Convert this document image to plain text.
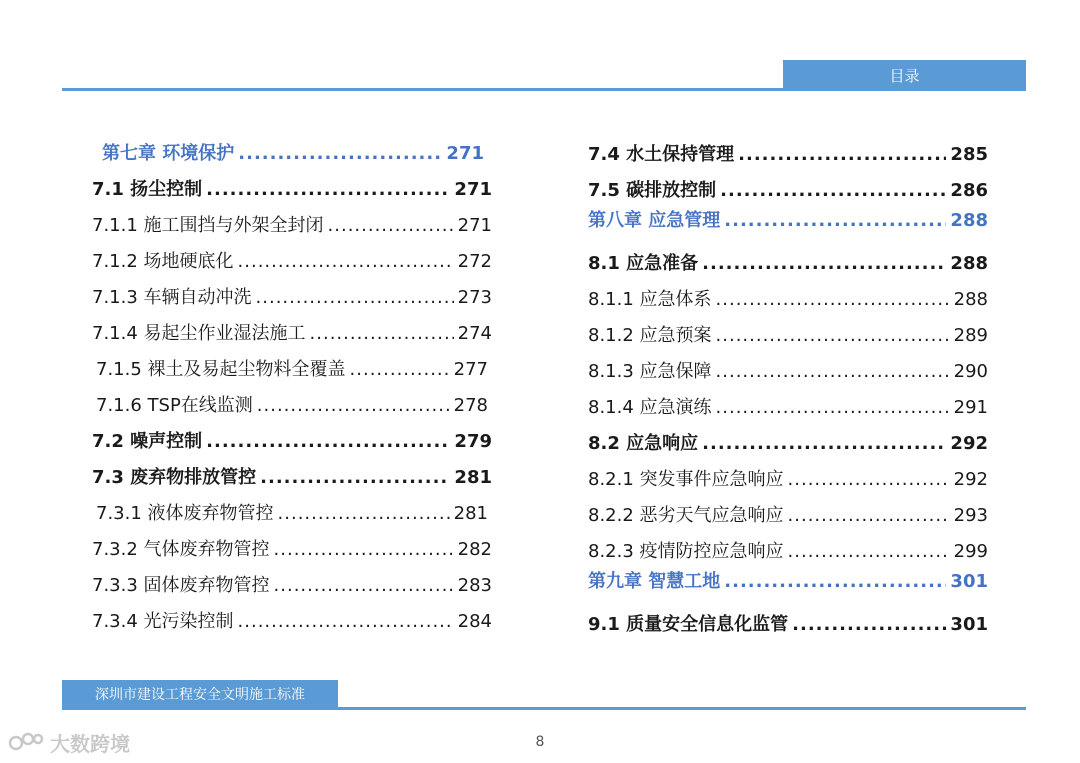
目录
第七章 环境保护 .....	271
7.1 扬尘控制 .....	271
7.1.1 施工围挡与外架全封闭 .....	271
7.1.2 场地硬底化 .....	272
7.1.3 车辆自动冲洗 .....	273
7.1.4 易起尘作业湿法施工 .....	274
7.1.5 裸土及易起尘物料全覆盖 .....	277
7.1.6 TSP在线监测 .....	278
7.2 噪声控制 .....	279
7.3 废弃物排放管控 .....	281
7.3.1 液体废弃物管控 .....	281
7.3.2 气体废弃物管控 .....	282
7.3.3 固体废弃物管控 .....	283
7.3.4 光污染控制 .....	284
7.4 水土保持管理 .....	285
7.5 碳排放控制 .....	286
第八章 应急管理 .....	288
8.1 应急准备 .....	288
8.1.1 应急体系 .....	288
8.1.2 应急预案 .....	289
8.1.3 应急保障 .....	290
8.1.4 应急演练 .....	291
8.2 应急响应 .....	292
8.2.1 突发事件应急响应 .....	292
8.2.2 恶劣天气应急响应 .....	293
8.2.3 疫情防控应急响应 .....	299
第九章 智慧工地 .....	301
9.1 质量安全信息化监管 .....	301
深圳市建设工程安全文明施工标准
8
大数跨境
